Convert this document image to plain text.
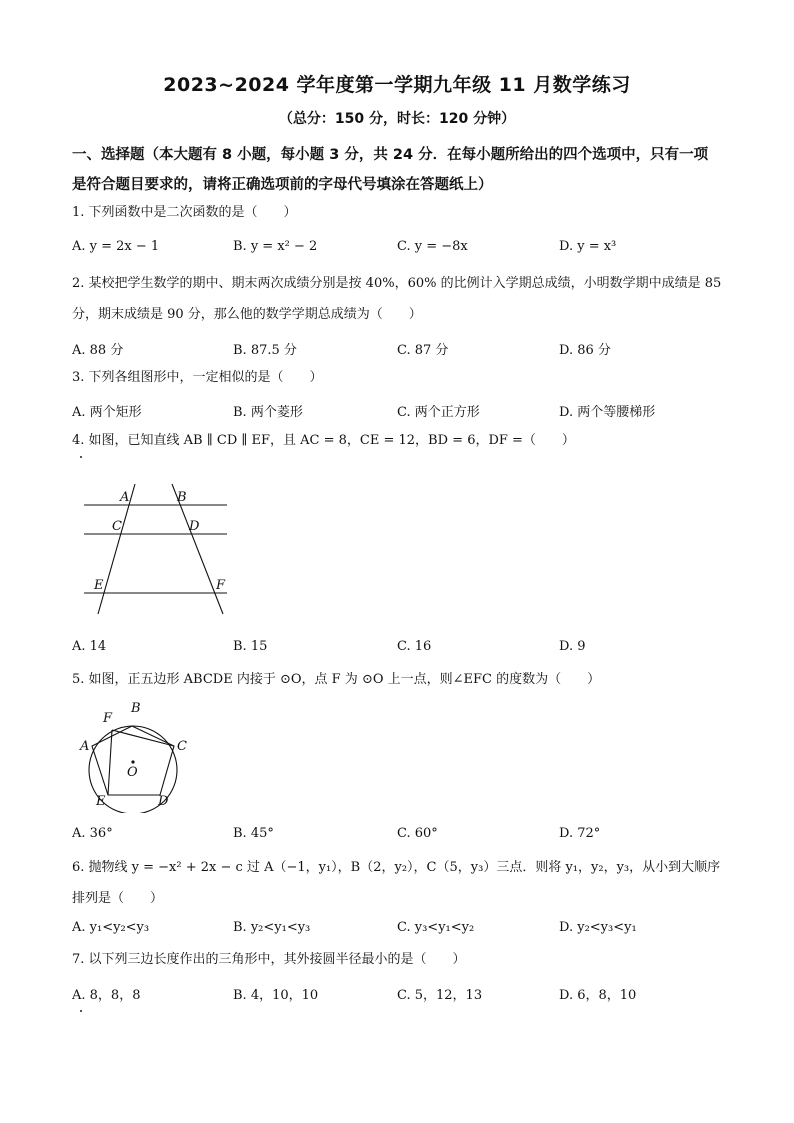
2023~2024 学年度第一学期九年级 11 月数学练习
（总分：150 分，时长：120 分钟）
一、选择题（本大题有 8 小题，每小题 3 分，共 24 分．在每小题所给出的四个选项中，只有一项是符合题目要求的，请将正确选项前的字母代号填涂在答题纸上）
1. 下列函数中是二次函数的是（　　）
A. y = 2x − 1	B. y = x² − 2	C. y = −8x	D. y = x³
2. 某校把学生数学的期中、期末两次成绩分别是按 40%，60% 的比例计入学期总成绩，小明数学期中成绩是 85 分，期末成绩是 90 分，那么他的数学学期总成绩为（　　）
A. 88 分	B. 87.5 分	C. 87 分	D. 86 分
3. 下列各组图形中，一定相似的是（　　）
A. 两个矩形	B. 两个菱形	C. 两个正方形	D. 两个等腰梯形
4. 如图，已知直线 AB ∥ CD ∥ EF，且 AC = 8，CE = 12，BD = 6，DF =（　　）
A	B
C	D
E	F
A. 14	B. 15	C. 16	D. 9
5. 如图，正五边形 ABCDE 内接于 ⊙O，点 F 为 ⊙O 上一点，则∠EFC 的度数为（　　）
F
B
A	C
O
E	D
A. 36°	B. 45°	C. 60°	D. 72°
6. 抛物线 y = −x² + 2x − c 过 A（−1，y₁），B（2，y₂），C（5，y₃）三点．则将 y₁，y₂，y₃，从小到大顺序排列是（　　）
A. y₁<y₂<y₃	B. y₂<y₁<y₃	C. y₃<y₁<y₂	D. y₂<y₃<y₁
7. 以下列三边长度作出的三角形中，其外接圆半径最小的是（　　）
A. 8，8，8	B. 4，10，10	C. 5，12，13	D. 6，8，10
